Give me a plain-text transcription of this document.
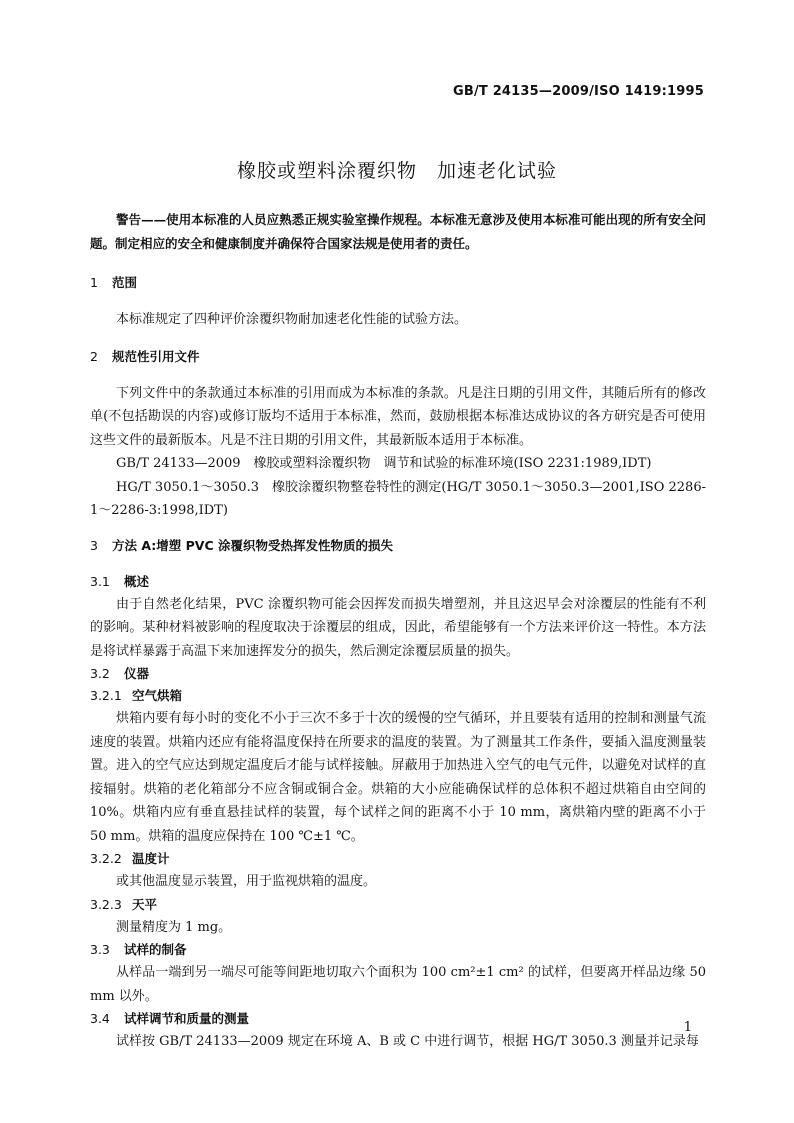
GB/T 24135—2009/ISO 1419:1995
橡胶或塑料涂覆织物　加速老化试验

警告——使用本标准的人员应熟悉正规实验室操作规程。本标准无意涉及使用本标准可能出现的所有安全问题。制定相应的安全和健康制度并确保符合国家法规是使用者的责任。

1 范围

本标准规定了四种评价涂覆织物耐加速老化性能的试验方法。

2 规范性引用文件

下列文件中的条款通过本标准的引用而成为本标准的条款。凡是注日期的引用文件，其随后所有的修改单(不包括勘误的内容)或修订版均不适用于本标准，然而，鼓励根据本标准达成协议的各方研究是否可使用这些文件的最新版本。凡是不注日期的引用文件，其最新版本适用于本标准。

GB/T 24133—2009　橡胶或塑料涂覆织物　调节和试验的标准环境(ISO 2231:1989,IDT)

HG/T 3050.1～3050.3　橡胶涂覆织物整卷特性的测定(HG/T 3050.1～3050.3—2001,ISO 2286-1～2286-3:1998,IDT)

3 方法 A:增塑 PVC 涂覆织物受热挥发性物质的损失
3.1 概述

由于自然老化结果，PVC 涂覆织物可能会因挥发而损失增塑剂，并且这迟早会对涂覆层的性能有不利的影响。某种材料被影响的程度取决于涂覆层的组成，因此，希望能够有一个方法来评价这一特性。本方法是将试样暴露于高温下来加速挥发分的损失，然后测定涂覆层质量的损失。

3.2 仪器
3.2.1 空气烘箱

烘箱内要有每小时的变化不小于三次不多于十次的缓慢的空气循环，并且要装有适用的控制和测量气流速度的装置。烘箱内还应有能将温度保持在所要求的温度的装置。为了测量其工作条件，要插入温度测量装置。进入的空气应达到规定温度后才能与试样接触。屏蔽用于加热进入空气的电气元件，以避免对试样的直接辐射。烘箱的老化箱部分不应含铜或铜合金。烘箱的大小应能确保试样的总体积不超过烘箱自由空间的 10%。烘箱内应有垂直悬挂试样的装置，每个试样之间的距离不小于 10 mm，离烘箱内壁的距离不小于 50 mm。烘箱的温度应保持在 100 ℃±1 ℃。

3.2.2 温度计

或其他温度显示装置，用于监视烘箱的温度。

3.2.3 天平

测量精度为 1 mg。

3.3 试样的制备

从样品一端到另一端尽可能等间距地切取六个面积为 100 cm²±1 cm² 的试样，但要离开样品边缘 50 mm 以外。

3.4 试样调节和质量的测量

试样按 GB/T 24133—2009 规定在环境 A、B 或 C 中进行调节，根据 HG/T 3050.3 测量并记录每

1
